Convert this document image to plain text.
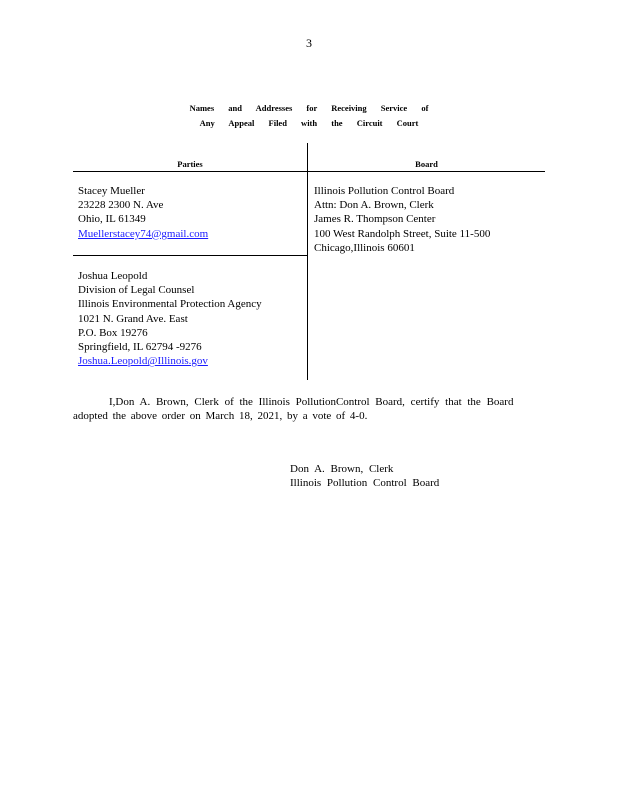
3
Names and Addresses for Receiving Service of
Any Appeal Filed with the Circuit Court
Parties	Board
Stacey Mueller
23228 2300 N. Ave
Ohio, IL 61349
Muellerstacey74@gmail.com
Illinois Pollution Control Board
Attn: Don A. Brown, Clerk
James R. Thompson Center
100 West Randolph Street, Suite 11-500
Chicago,Illinois 60601
Joshua Leopold
Division of Legal Counsel
Illinois Environmental Protection Agency
1021 N. Grand Ave. East
P.O. Box 19276
Springfield, IL 62794 -9276
Joshua.Leopold@Illinois.gov
I,Don A. Brown, Clerk of the Illinois PollutionControl Board, certify that the Board
adopted the above order on March 18, 2021, by a vote of 4-0.
Don A. Brown, Clerk
Illinois Pollution Control Board
